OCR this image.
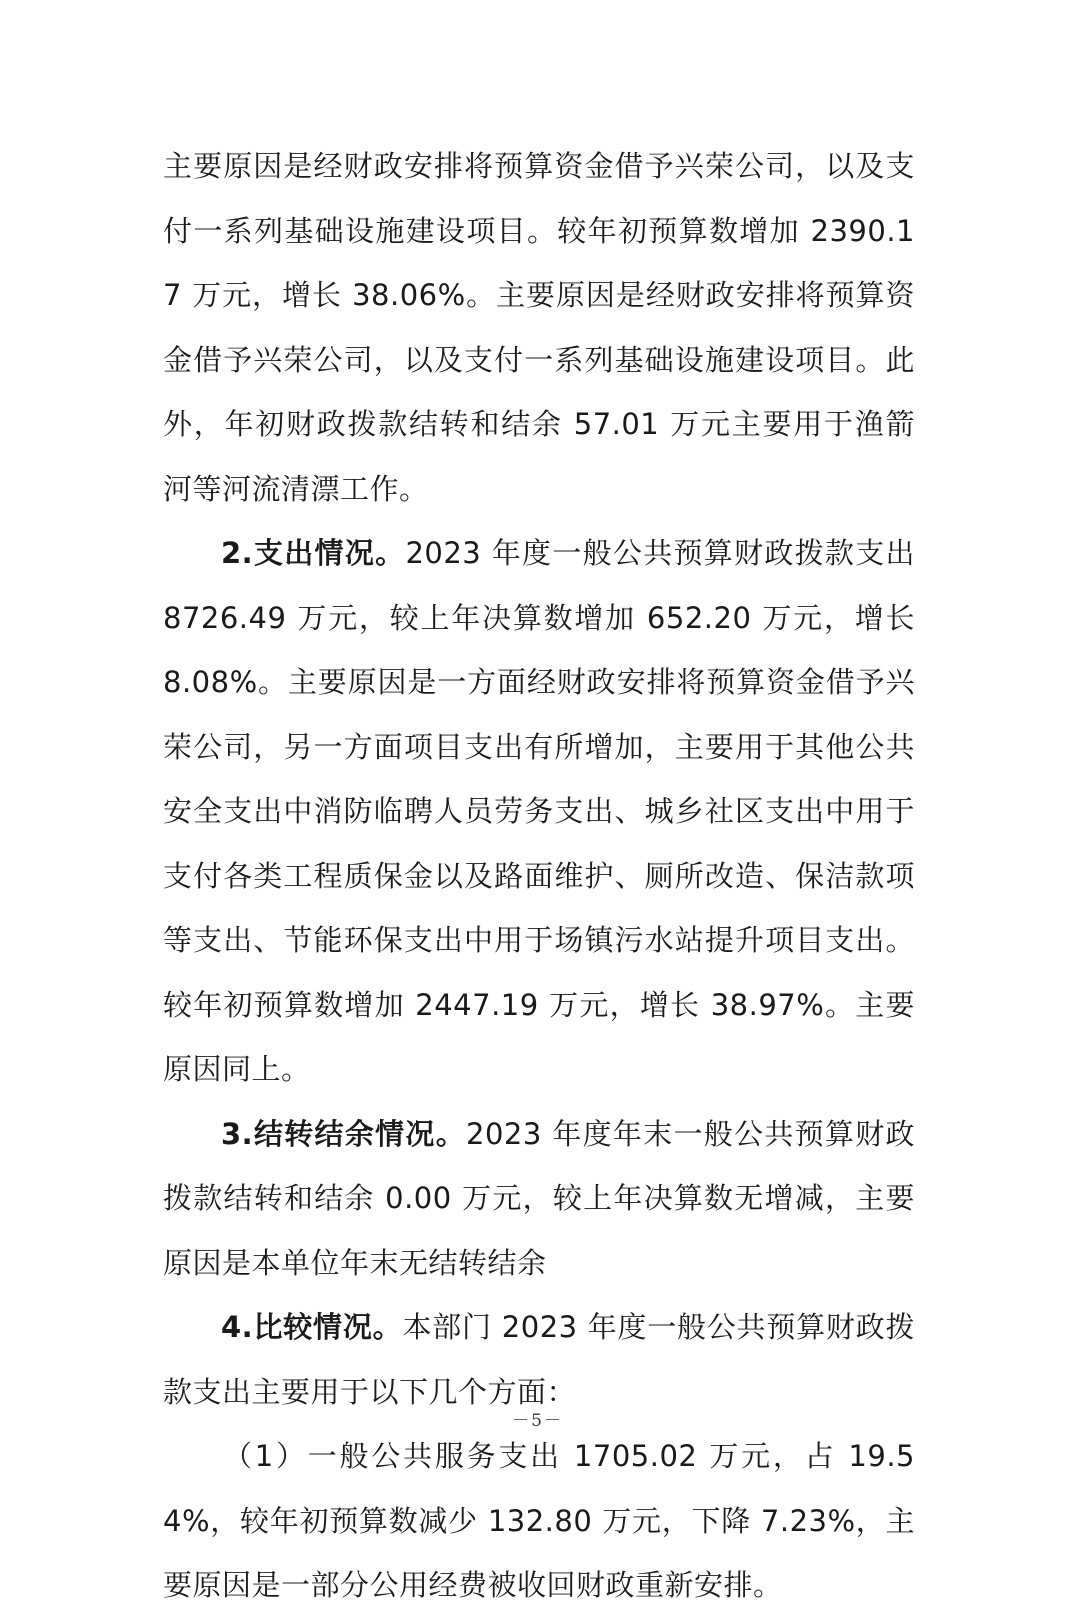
主要原因是经财政安排将预算资金借予兴荣公司，以及支付一系列基础设施建设项目。较年初预算数增加 2390.17 万元，增长 38.06%。主要原因是经财政安排将预算资金借予兴荣公司，以及支付一系列基础设施建设项目。此外，年初财政拨款结转和结余 57.01 万元主要用于渔箭河等河流清漂工作。

2.支出情况。2023 年度一般公共预算财政拨款支出 8726.49 万元，较上年决算数增加 652.20 万元，增长 8.08%。主要原因是一方面经财政安排将预算资金借予兴荣公司，另一方面项目支出有所增加，主要用于其他公共安全支出中消防临聘人员劳务支出、城乡社区支出中用于支付各类工程质保金以及路面维护、厕所改造、保洁款项等支出、节能环保支出中用于场镇污水站提升项目支出。较年初预算数增加 2447.19 万元，增长 38.97%。主要原因同上。

3.结转结余情况。2023 年度年末一般公共预算财政拨款结转和结余 0.00 万元，较上年决算数无增减，主要原因是本单位年末无结转结余

4.比较情况。本部门 2023 年度一般公共预算财政拨款支出主要用于以下几个方面：

（1）一般公共服务支出 1705.02 万元，占 19.54%，较年初预算数减少 132.80 万元，下降 7.23%，主要原因是一部分公用经费被收回财政重新安排。

－5－
